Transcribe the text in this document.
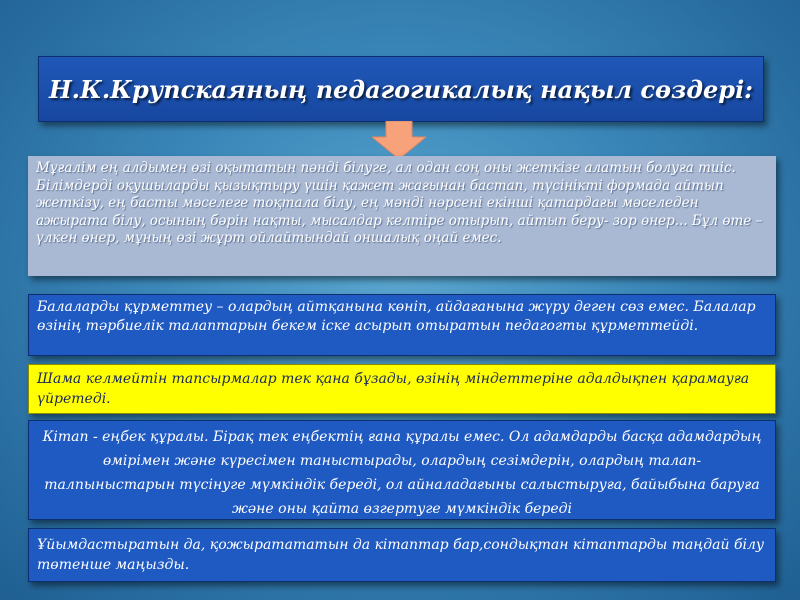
Н.К.Крупскаяның педагогикалық нақыл сөздері:
Мұғалім ең алдымен өзі оқытатын пәнді білуге, ал одан соң оны жеткізе алатын болуға тиіс. Білімдерді оқушыларды қызықтыру үшін қажет жағынан бастап, түсінікті формада айтып жеткізу, ең басты мәселеге тоқтала білу, ең мәнді нәрсені екінші қатардағы мәселеден ажырата білу, осының бәрін нақты, мысалдар келтіре отырып, айтып беру- зор өнер... Бұл өте – үлкен өнер, мұның өзі жұрт ойлайтындай оншалық оңай емес.
Балаларды құрметтеу – олардың айтқанына көніп, айдағанына жүру деген сөз емес. Балалар өзінің тәрбиелік талаптарын бекем іске асырып отыратын педагогты құрметтейді.
Шама келмейтін тапсырмалар тек қана бұзады, өзінің міндеттеріне адалдықпен қарамауға үйретеді.
Кітап - еңбек құралы. Бірақ тек еңбектің ғана құралы емес. Ол адамдарды басқа адамдардың өмірімен және күресімен таныстырады, олардың сезімдерін, олардың талап-талпыныстарын түсінуге мүмкіндік береді, ол айналадағыны салыстыруға, байыбына баруға және оны қайта өзгертуге мүмкіндік береді
Ұйымдастыратын да, қожыратататын да кітаптар бар,сондықтан кітаптарды таңдай білу төтенше маңызды.
